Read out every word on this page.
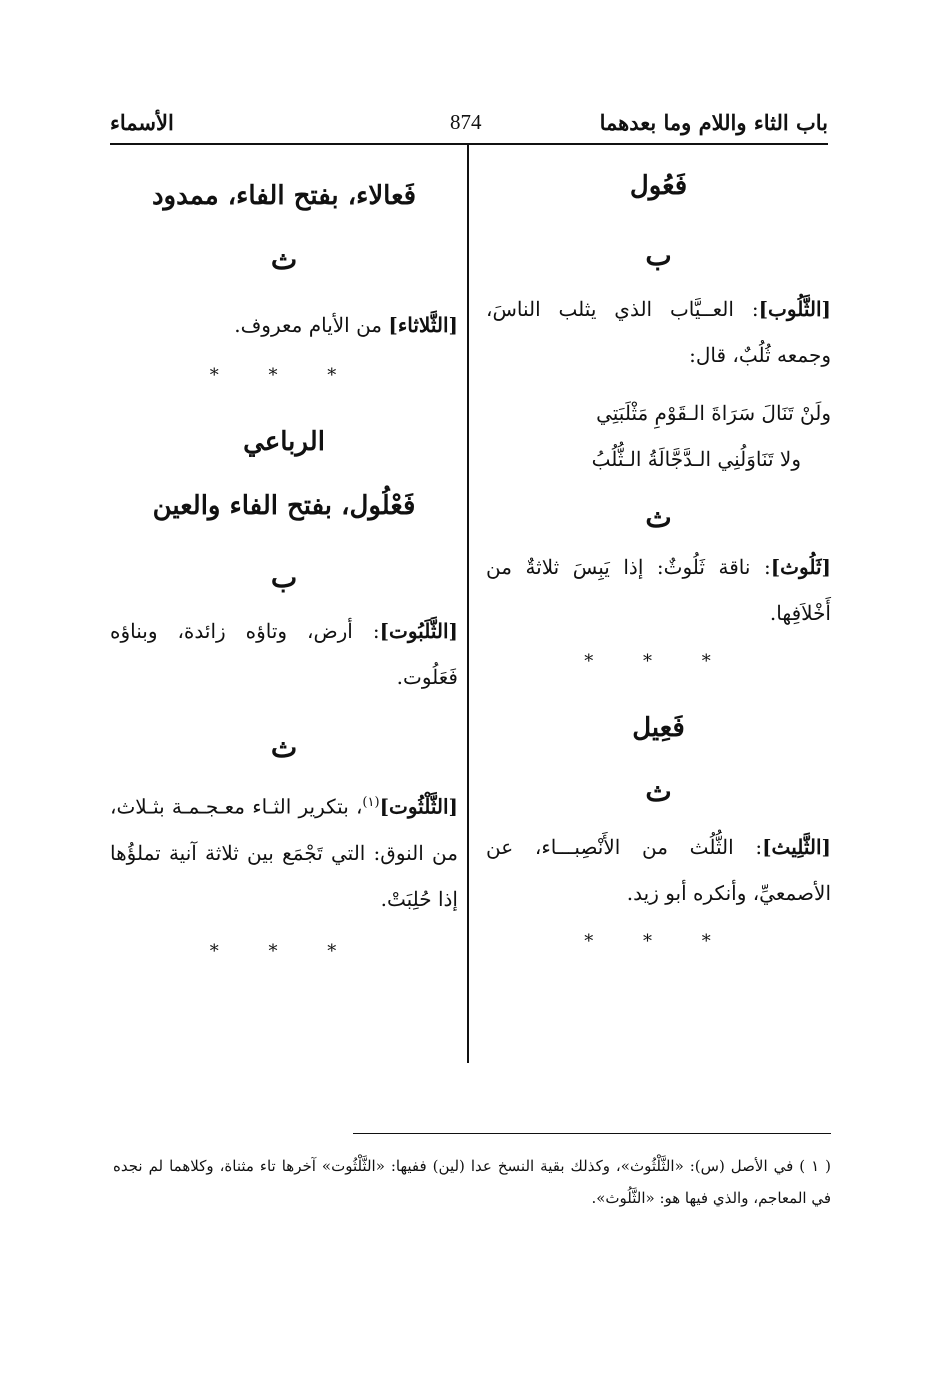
باب الثاء واللام وما بعدهما
874
الأسماء
فَعُول
ب

[الثَّلُوب]: العــيَّاب الذي يثلب الناسَ، وجمعه ثُلُبٌ، قال:

ولَنْ تَنَالَ سَرَاةَ الـقَوْمِ مَثْلَبَتِي
ولا تَنَاوَلُنِي الـدَّجَّالَةُ الـثُّلُبُ
ث

[ثَلُوث]: ناقة ثَلُوثٌ: إذا يَبِسَ ثلاثةٌ من أَخْلاَفِها.

* * *
فَعِيل
ث

[الثَّلِيث]: الثُّلُث من الأَنْصِبـــاء، عن الأصمعيِّ، وأنكره أبو زيد.

* * *
فَعالاء، بفتح الفاء، ممدود
ث

[الثَّلاثاء] من الأيام معروف.

* * *
الرباعي
فَعْلُول، بفتح الفاء والعين
ب

[الثَّلَبُوت]: أرض، وتاؤه زائدة، وبناؤه فَعَلُوت.

ث

[الثَّلْثُوت]$^{(١)}$، بتكرير الثـاء معـجـمـة بثـلاث، من النوق: التي تَجْمَع بين ثلاثة آنية تملؤُها إذا حُلِبَتْ.

* * *
( ١ ) في الأصل (س): «الثَّلْثُوث»، وكذلك بقية النسخ عدا (لين) ففيها: «الثَّلْثُوت» آخرها تاء مثناة، وكلاهما لم نجده في المعاجم، والذي فيها هو: «الثَّلُوث».
